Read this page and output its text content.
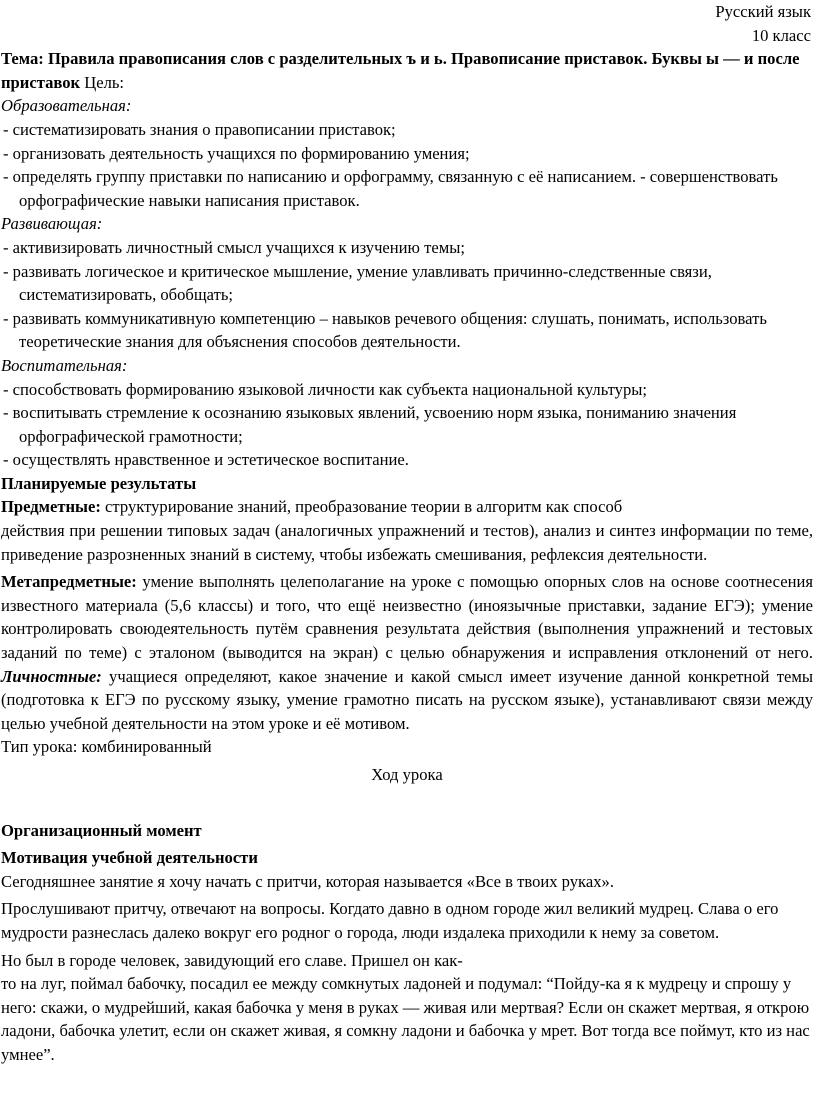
Русский язык

10 класс

Тема: Правила правописания слов с разделительных ъ и ь. Правописание приставок. Буквы ы — и после приставок Цель:

Образовательная:

- систематизировать знания о правописании приставок;

- организовать деятельность учащихся по формированию умения;

- определять группу приставки по написанию и орфограмму, связанную с её написанием. - совершенствовать орфографические навыки написания приставок.

Развивающая:

- активизировать личностный смысл учащихся к изучению темы;

- развивать логическое и критическое мышление, умение улавливать причинно-следственные связи, систематизировать, обобщать;

- развивать коммуникативную компетенцию – навыков речевого общения: слушать, понимать, использовать теоретические знания для объяснения способов деятельности.

Воспитательная:

- способствовать формированию языковой личности как субъекта национальной культуры;

- воспитывать стремление к осознанию языковых явлений, усвоению норм языка, пониманию значения орфографической грамотности;

- осуществлять нравственное и эстетическое воспитание.

Планируемые результаты

Предметные: структурирование знаний, преобразование теории в алгоритм как способ

действия при решении типовых задач (аналогичных упражнений и тестов), анализ и синтез информации по теме, приведение разрозненных знаний в систему, чтобы избежать смешивания, рефлексия деятельности.

Метапредметные: умение выполнять целеполагание на уроке с помощью опорных слов на основе соотнесения известного материала (5,6 классы) и того, что ещё неизвестно (иноязычные приставки, задание ЕГЭ); умение контролировать своюдеятельность путём сравнения результата действия (выполнения упражнений и тестовых заданий по теме) с эталоном (выводится на экран) с целью обнаружения и исправления отклонений от него. Личностные: учащиеся определяют, какое значение и какой смысл имеет изучение данной конкретной темы (подготовка к ЕГЭ по русскому языку, умение грамотно писать на русском языке), устанавливают связи между целью учебной деятельности на этом уроке и её мотивом.

Тип урока: комбинированный

Ход урока

Организационный момент

Мотивация учебной деятельности

Сегодняшнее занятие я хочу начать с притчи, которая называется «Все в твоих руках».

Прослушивают притчу, отвечают на вопросы. Когдато давно в одном городе жил великий мудрец. Слава о его мудрости разнеслась далеко вокруг его родног о города, люди издалека приходили к нему за советом.

Но был в городе человек, завидующий его славе. Пришел он как-

то на луг, поймал бабочку, посадил ее между сомкнутых ладоней и подумал: “Пойду-ка я к мудрецу и спрошу у него: скажи, о мудрейший, какая бабочка у меня в руках — живая или мертвая? Если он скажет мертвая, я открою ладони, бабочка улетит, если он скажет живая, я сомкну ладони и бабочка у мрет. Вот тогда все поймут, кто из нас умнее”.
